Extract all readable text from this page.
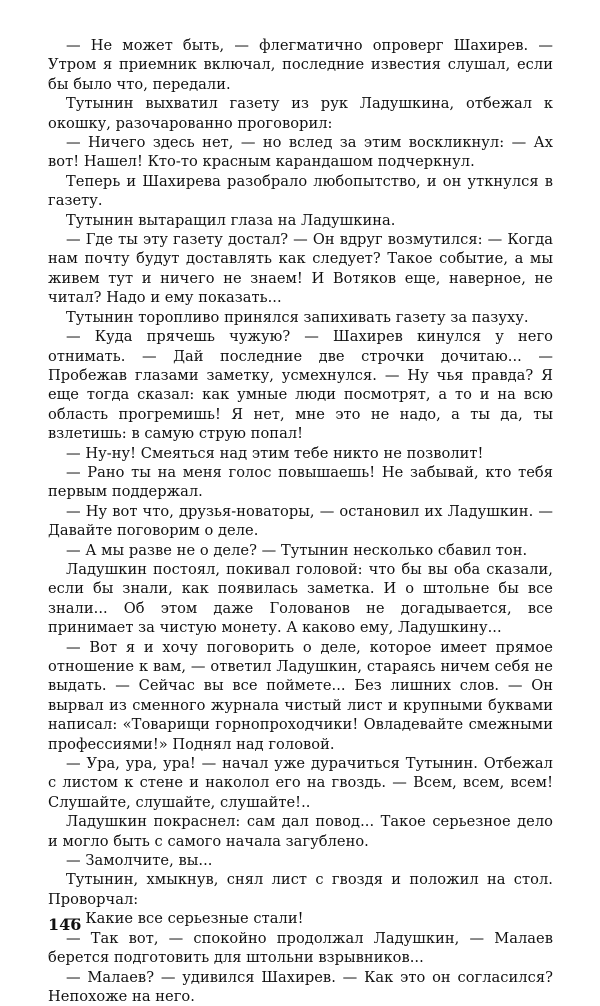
— Не может быть, — флегматично опроверг Шахирев. — Утром я приемник включал, последние известия слушал, если бы было что, передали.

Тутынин выхватил газету из рук Ладушкина, отбежал к окошку, разочарованно проговорил:

— Ничего здесь нет, — но вслед за этим воскликнул: — Ах вот! Нашел! Кто-то красным карандашом подчеркнул.

Теперь и Шахирева разобрало любопытство, и он уткнулся в газету.

Тутынин вытаращил глаза на Ладушкина.

— Где ты эту газету достал? — Он вдруг возмутился: — Когда нам почту будут доставлять как следует? Такое событие, а мы живем тут и ничего не знаем! И Вотяков еще, наверное, не читал? Надо и ему показать...

Тутынин торопливо принялся запихивать газету за пазуху.

— Куда прячешь чужую? — Шахирев кинулся у него отнимать. — Дай последние две строчки дочитаю... — Пробежав глазами заметку, усмехнулся. — Ну чья правда? Я еще тогда сказал: как умные люди посмотрят, а то и на всю область прогремишь! Я нет, мне это не надо, а ты да, ты взлетишь: в самую струю попал!

— Ну-ну! Смеяться над этим тебе никто не позволит!

— Рано ты на меня голос повышаешь! Не забывай, кто тебя первым поддержал.

— Ну вот что, друзья-новаторы, — остановил их Ладушкин. — Давайте поговорим о деле.

— А мы разве не о деле? — Тутынин несколько сбавил тон.

Ладушкин постоял, покивал головой: что бы вы оба сказали, если бы знали, как появилась заметка. И о штольне бы все знали... Об этом даже Голованов не догадывается, все принимает за чистую монету. А каково ему, Ладушкину...

— Вот я и хочу поговорить о деле, которое имеет прямое отношение к вам, — ответил Ладушкин, стараясь ничем себя не выдать. — Сейчас вы все поймете... Без лишних слов. — Он вырвал из сменного журнала чистый лист и крупными буквами написал: «Товарищи горнопроходчики! Овладевайте смежными профессиями!» Поднял над головой.

— Ура, ура, ура! — начал уже дурачиться Тутынин. Отбежал с листом к стене и наколол его на гвоздь. — Всем, всем, всем! Слушайте, слушайте, слушайте!..

Ладушкин покраснел: сам дал повод... Такое серьезное дело и могло быть с самого начала загублено.

— Замолчите, вы...

Тутынин, хмыкнув, снял лист с гвоздя и положил на стол. Проворчал:

— Какие все серьезные стали!

— Так вот, — спокойно продолжал Ладушкин, — Малаев берется подготовить для штольни взрывников...

— Малаев? — удивился Шахирев. — Как это он согласился? Непохоже на него.

146
